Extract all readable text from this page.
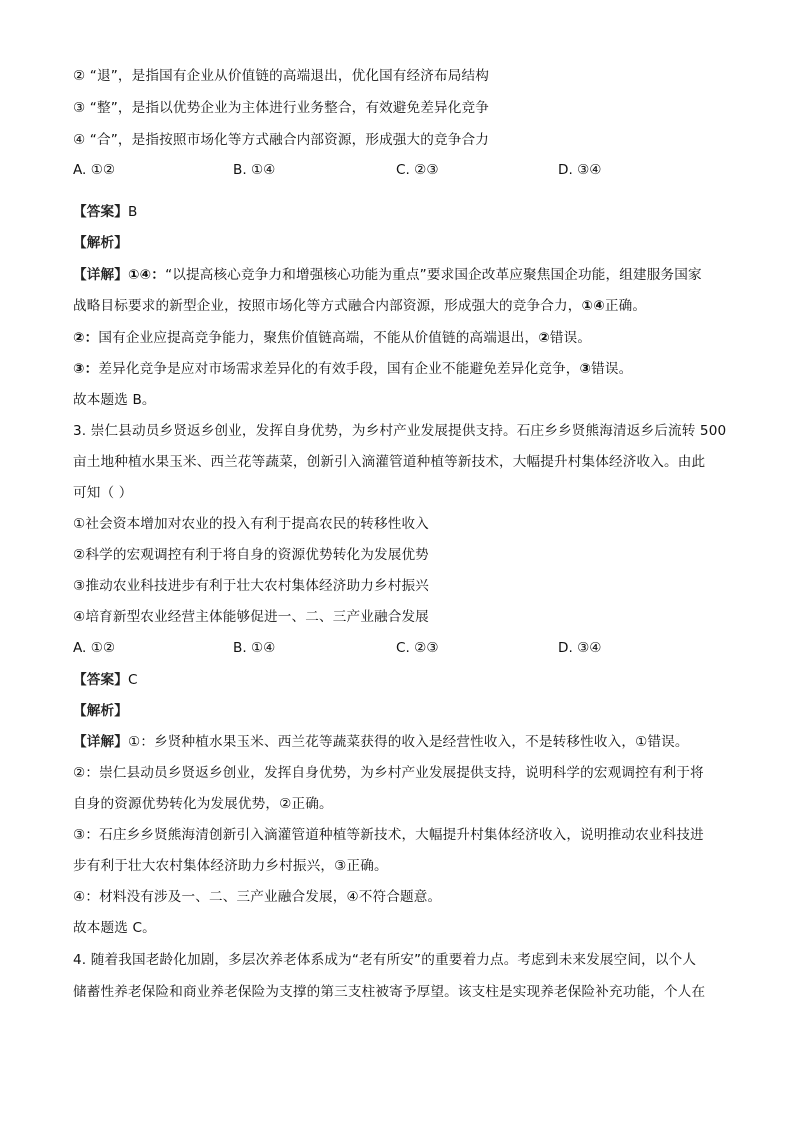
② “退”，是指国有企业从价值链的高端退出，优化国有经济布局结构
③ “整”，是指以优势企业为主体进行业务整合，有效避免差异化竞争
④ “合”，是指按照市场化等方式融合内部资源，形成强大的竞争合力
A. ①②	B. ①④	C. ②③	D. ③④
【答案】B
【解析】
【详解】①④：“以提高核心竞争力和增强核心功能为重点”要求国企改革应聚焦国企功能，组建服务国家
战略目标要求的新型企业，按照市场化等方式融合内部资源，形成强大的竞争合力，①④正确。
②：国有企业应提高竞争能力，聚焦价值链高端，不能从价值链的高端退出，②错误。
③：差异化竞争是应对市场需求差异化的有效手段，国有企业不能避免差异化竞争，③错误。
故本题选 B。
3. 崇仁县动员乡贤返乡创业，发挥自身优势，为乡村产业发展提供支持。石庄乡乡贤熊海清返乡后流转 500
亩土地种植水果玉米、西兰花等蔬菜，创新引入滴灌管道种植等新技术，大幅提升村集体经济收入。由此
可知（ ）
①社会资本增加对农业的投入有利于提高农民的转移性收入
②科学的宏观调控有利于将自身的资源优势转化为发展优势
③推动农业科技进步有利于壮大农村集体经济助力乡村振兴
④培育新型农业经营主体能够促进一、二、三产业融合发展
A. ①②	B. ①④	C. ②③	D. ③④
【答案】C
【解析】
【详解】①：乡贤种植水果玉米、西兰花等蔬菜获得的收入是经营性收入，不是转移性收入，①错误。
②：崇仁县动员乡贤返乡创业，发挥自身优势，为乡村产业发展提供支持，说明科学的宏观调控有利于将
自身的资源优势转化为发展优势，②正确。
③：石庄乡乡贤熊海清创新引入滴灌管道种植等新技术，大幅提升村集体经济收入，说明推动农业科技进
步有利于壮大农村集体经济助力乡村振兴，③正确。
④：材料没有涉及一、二、三产业融合发展，④不符合题意。
故本题选 C。
4. 随着我国老龄化加剧，多层次养老体系成为“老有所安”的重要着力点。考虑到未来发展空间，以个人
储蓄性养老保险和商业养老保险为支撑的第三支柱被寄予厚望。该支柱是实现养老保险补充功能，个人在
